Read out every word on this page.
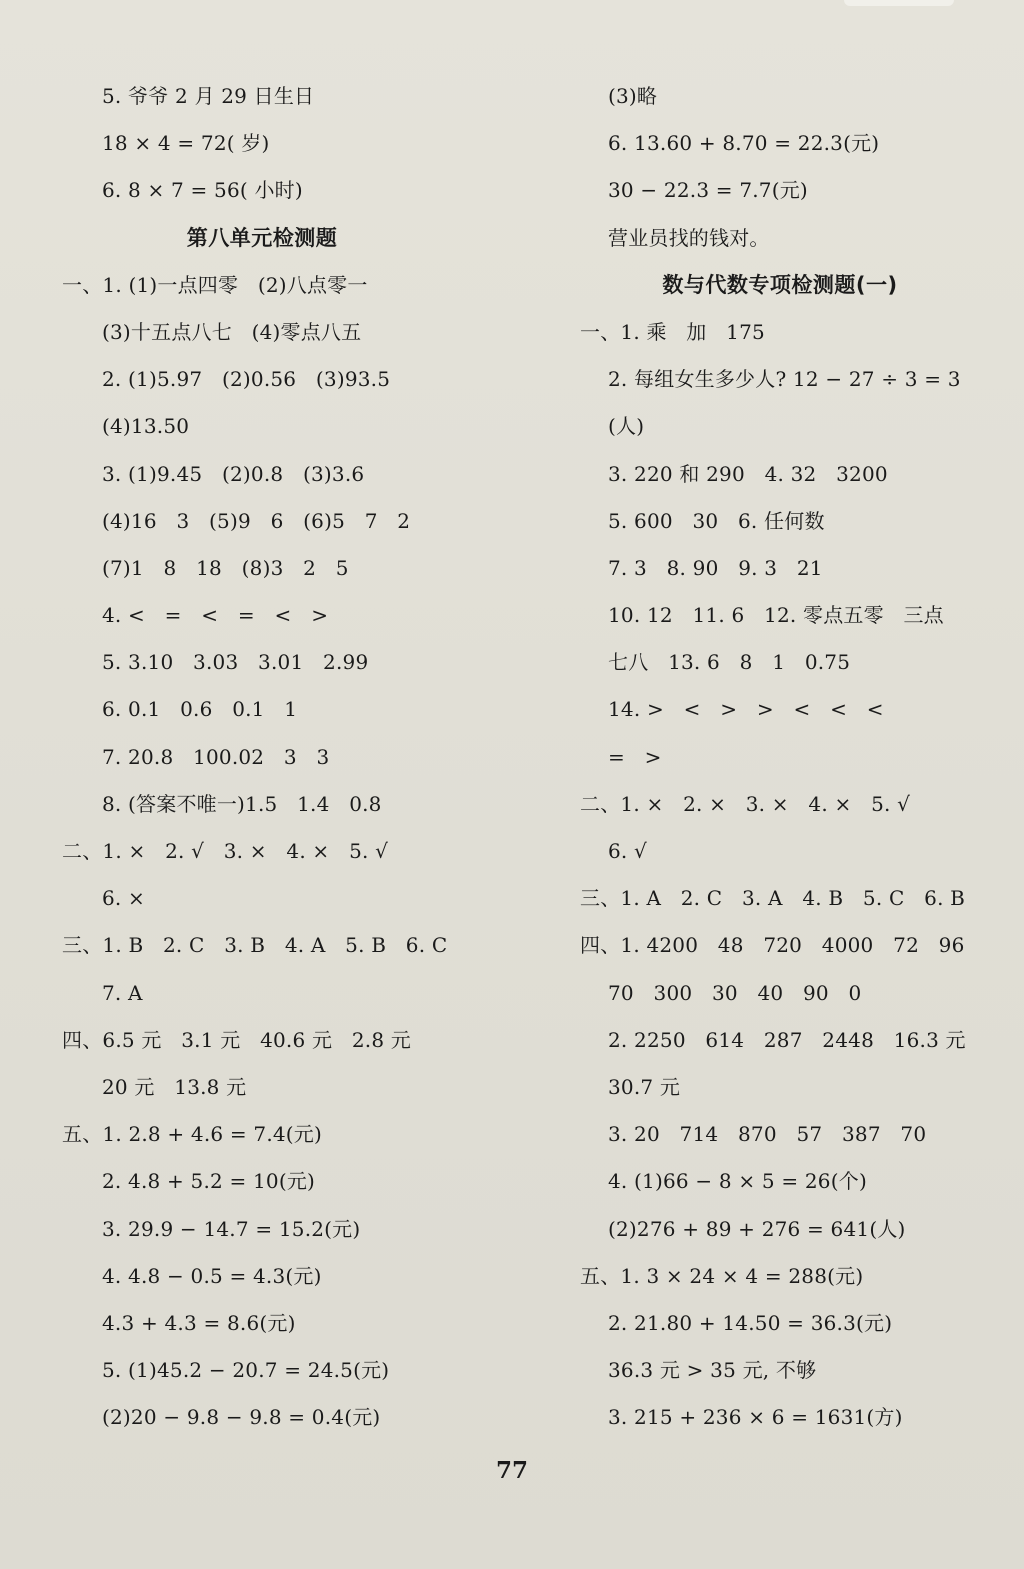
5. 爷爷 2 月 29 日生日
18 × 4 = 72( 岁)
6. 8 × 7 = 56( 小时)
第八单元检测题
一、1. (1)一点四零   (2)八点零一
(3)十五点八七   (4)零点八五
2. (1)5.97   (2)0.56   (3)93.5
(4)13.50
3. (1)9.45   (2)0.8   (3)3.6
(4)16   3   (5)9   6   (6)5   7   2
(7)1   8   18   (8)3   2   5
4. <   =   <   =   <   >
5. 3.10   3.03   3.01   2.99
6. 0.1   0.6   0.1   1
7. 20.8   100.02   3   3
8. (答案不唯一)1.5   1.4   0.8
二、1. ×   2. √   3. ×   4. ×   5. √
6. ×
三、1. B   2. C   3. B   4. A   5. B   6. C
7. A
四、6.5 元   3.1 元   40.6 元   2.8 元
20 元   13.8 元
五、1. 2.8 + 4.6 = 7.4(元)
2. 4.8 + 5.2 = 10(元)
3. 29.9 − 14.7 = 15.2(元)
4. 4.8 − 0.5 = 4.3(元)
4.3 + 4.3 = 8.6(元)
5. (1)45.2 − 20.7 = 24.5(元)
(2)20 − 9.8 − 9.8 = 0.4(元)
(3)略
6. 13.60 + 8.70 = 22.3(元)
30 − 22.3 = 7.7(元)
营业员找的钱对。
数与代数专项检测题(一)
一、1. 乘   加   175
2. 每组女生多少人? 12 − 27 ÷ 3 = 3
(人)
3. 220 和 290   4. 32   3200
5. 600   30   6. 任何数
7. 3   8. 90   9. 3   21
10. 12   11. 6   12. 零点五零   三点
七八   13. 6   8   1   0.75
14. >   <   >   >   <   <   <
=   >
二、1. ×   2. ×   3. ×   4. ×   5. √
6. √
三、1. A   2. C   3. A   4. B   5. C   6. B
四、1. 4200   48   720   4000   72   96
70   300   30   40   90   0
2. 2250   614   287   2448   16.3 元
30.7 元
3. 20   714   870   57   387   70
4. (1)66 − 8 × 5 = 26(个)
(2)276 + 89 + 276 = 641(人)
五、1. 3 × 24 × 4 = 288(元)
2. 21.80 + 14.50 = 36.3(元)
36.3 元 > 35 元, 不够
3. 215 + 236 × 6 = 1631(方)
77
